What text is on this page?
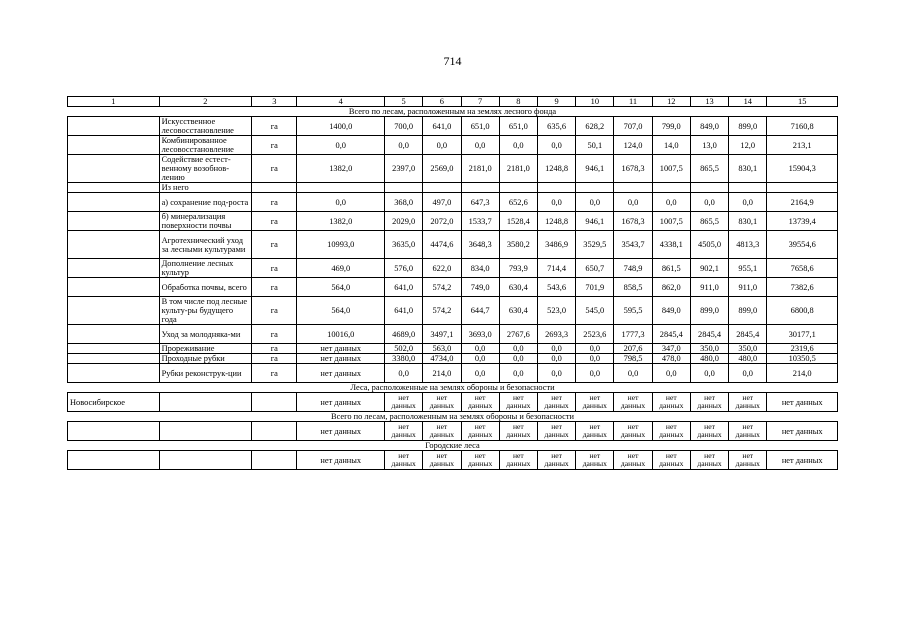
714
1	2	3	4	5	6	7	8	9	10	11	12	13	14	15
Всего по лесам, расположенным на землях лесного фонда														
	Искусственное лесовосстановление	га	1400,0	700,0	641,0	651,0	651,0	635,6	628,2	707,0	799,0	849,0	899,0	7160,8
	Комбинированное лесовосстановление	га	0,0	0,0	0,0	0,0	0,0	0,0	50,1	124,0	14,0	13,0	12,0	213,1
	Содействие естест-венному возобнов-лению	га	1382,0	2397,0	2569,0	2181,0	2181,0	1248,8	946,1	1678,3	1007,5	865,5	830,1	15904,3
	Из него													
	а) сохранение под-роста	га	0,0	368,0	497,0	647,3	652,6	0,0	0,0	0,0	0,0	0,0	0,0	2164,9
	б) минерализация поверхности почвы	га	1382,0	2029,0	2072,0	1533,7	1528,4	1248,8	946,1	1678,3	1007,5	865,5	830,1	13739,4
	Агротехнический уход за лесными культурами	га	10993,0	3635,0	4474,6	3648,3	3580,2	3486,9	3529,5	3543,7	4338,1	4505,0	4813,3	39554,6
	Дополнение лесных культур	га	469,0	576,0	622,0	834,0	793,9	714,4	650,7	748,9	861,5	902,1	955,1	7658,6
	Обработка почвы, всего	га	564,0	641,0	574,2	749,0	630,4	543,6	701,9	858,5	862,0	911,0	911,0	7382,6
	В том числе под лесные культу-ры будущего года	га	564,0	641,0	574,2	644,7	630,4	523,0	545,0	595,5	849,0	899,0	899,0	6800,8
	Уход за молодняка-ми	га	10016,0	4689,0	3497,1	3693,0	2767,6	2693,3	2523,6	1777,3	2845,4	2845,4	2845,4	30177,1
	Прореживание	га	нет данных	502,0	563,0	0,0	0,0	0,0	0,0	207,6	347,0	350,0	350,0	2319,6
	Проходные рубки	га	нет данных	3380,0	4734,0	0,0	0,0	0,0	0,0	798,5	478,0	480,0	480,0	10350,5
	Рубки реконструк-ции	га	нет данных	0,0	214,0	0,0	0,0	0,0	0,0	0,0	0,0	0,0	0,0	214,0
Леса, расположенные на землях обороны и безопасности														
Новосибирское			нет данных	нет данных	нет данных	нет данных	нет данных	нет данных	нет данных	нет данных	нет данных	нет данных	нет данных	нет данных
Всего по лесам, расположенным на землях обороны и безопасности														
			нет данных	нет данных	нет данных	нет данных	нет данных	нет данных	нет данных	нет данных	нет данных	нет данных	нет данных	нет данных
Городские леса														
			нет данных	нет данных	нет данных	нет данных	нет данных	нет данных	нет данных	нет данных	нет данных	нет данных	нет данных	нет данных
